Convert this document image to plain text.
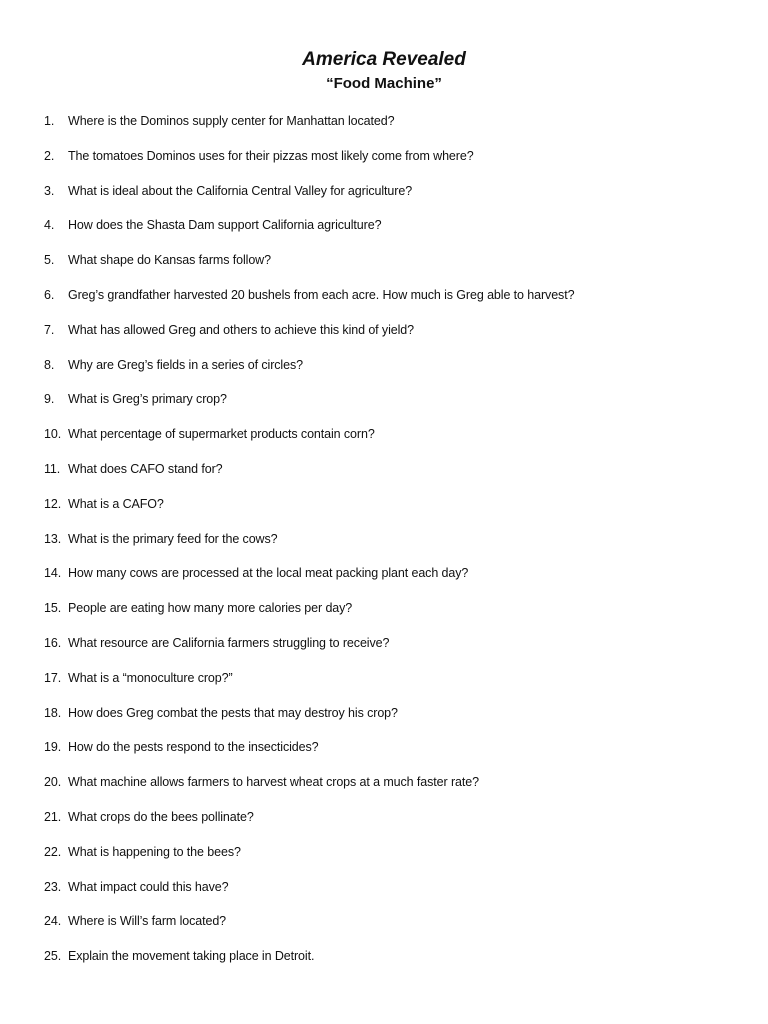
America Revealed
“Food Machine”
1.	Where is the Dominos supply center for Manhattan located?
2.	The tomatoes Dominos uses for their pizzas most likely come from where?
3.	What is ideal about the California Central Valley for agriculture?
4.	How does the Shasta Dam support California agriculture?
5.	What shape do Kansas farms follow?
6.	Greg’s grandfather harvested 20 bushels from each acre. How much is Greg able to harvest?
7.	What has allowed Greg and others to achieve this kind of yield?
8.	Why are Greg’s fields in a series of circles?
9.	What is Greg’s primary crop?
10. What percentage of supermarket products contain corn?
11. What does CAFO stand for?
12. What is a CAFO?
13. What is the primary feed for the cows?
14. How many cows are processed at the local meat packing plant each day?
15. People are eating how many more calories per day?
16. What resource are California farmers struggling to receive?
17. What is a “monoculture crop?”
18. How does Greg combat the pests that may destroy his crop?
19. How do the pests respond to the insecticides?
20. What machine allows farmers to harvest wheat crops at a much faster rate?
21. What crops do the bees pollinate?
22. What is happening to the bees?
23. What impact could this have?
24. Where is Will’s farm located?
25. Explain the movement taking place in Detroit.
